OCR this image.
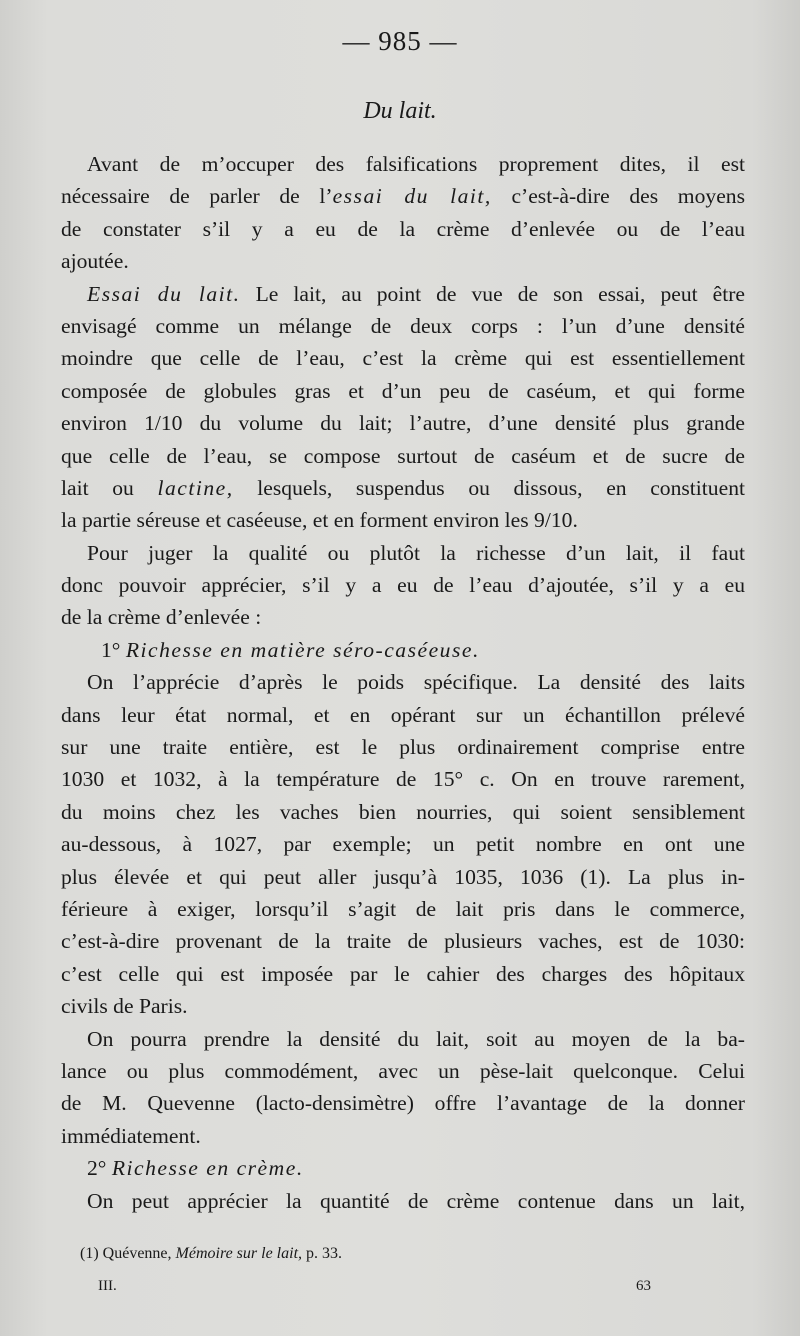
— 985 —
Du lait.
Avant de m’occuper des falsifications proprement dites, il est
nécessaire de parler de l’essai du lait, c’est-à-dire des moyens
de constater s’il y a eu de la crème d’enlevée ou de l’eau
ajoutée.
Essai du lait. Le lait, au point de vue de son essai, peut être
envisagé comme un mélange de deux corps : l’un d’une densité
moindre que celle de l’eau, c’est la crème qui est essentiellement
composée de globules gras et d’un peu de caséum, et qui forme
environ 1/10 du volume du lait; l’autre, d’une densité plus grande
que celle de l’eau, se compose surtout de caséum et de sucre de
lait ou lactine, lesquels, suspendus ou dissous, en constituent
la partie séreuse et caséeuse, et en forment environ les 9/10.
Pour juger la qualité ou plutôt la richesse d’un lait, il faut
donc pouvoir apprécier, s’il y a eu de l’eau d’ajoutée, s’il y a eu
de la crème d’enlevée :
1° Richesse en matière séro-caséeuse.
On l’apprécie d’après le poids spécifique. La densité des laits
dans leur état normal, et en opérant sur un échantillon prélevé
sur une traite entière, est le plus ordinairement comprise entre
1030 et 1032, à la température de 15° c. On en trouve rarement,
du moins chez les vaches bien nourries, qui soient sensiblement
au-dessous, à 1027, par exemple; un petit nombre en ont une
plus élevée et qui peut aller jusqu’à 1035, 1036 (1). La plus in-
férieure à exiger, lorsqu’il s’agit de lait pris dans le commerce,
c’est-à-dire provenant de la traite de plusieurs vaches, est de 1030:
c’est celle qui est imposée par le cahier des charges des hôpitaux
civils de Paris.
On pourra prendre la densité du lait, soit au moyen de la ba-
lance ou plus commodément, avec un pèse-lait quelconque. Celui
de M. Quevenne (lacto-densimètre) offre l’avantage de la donner
immédiatement.
2° Richesse en crème.
On peut apprécier la quantité de crème contenue dans un lait,
(1) Quévenne, Mémoire sur le lait, p. 33.
III.	63
